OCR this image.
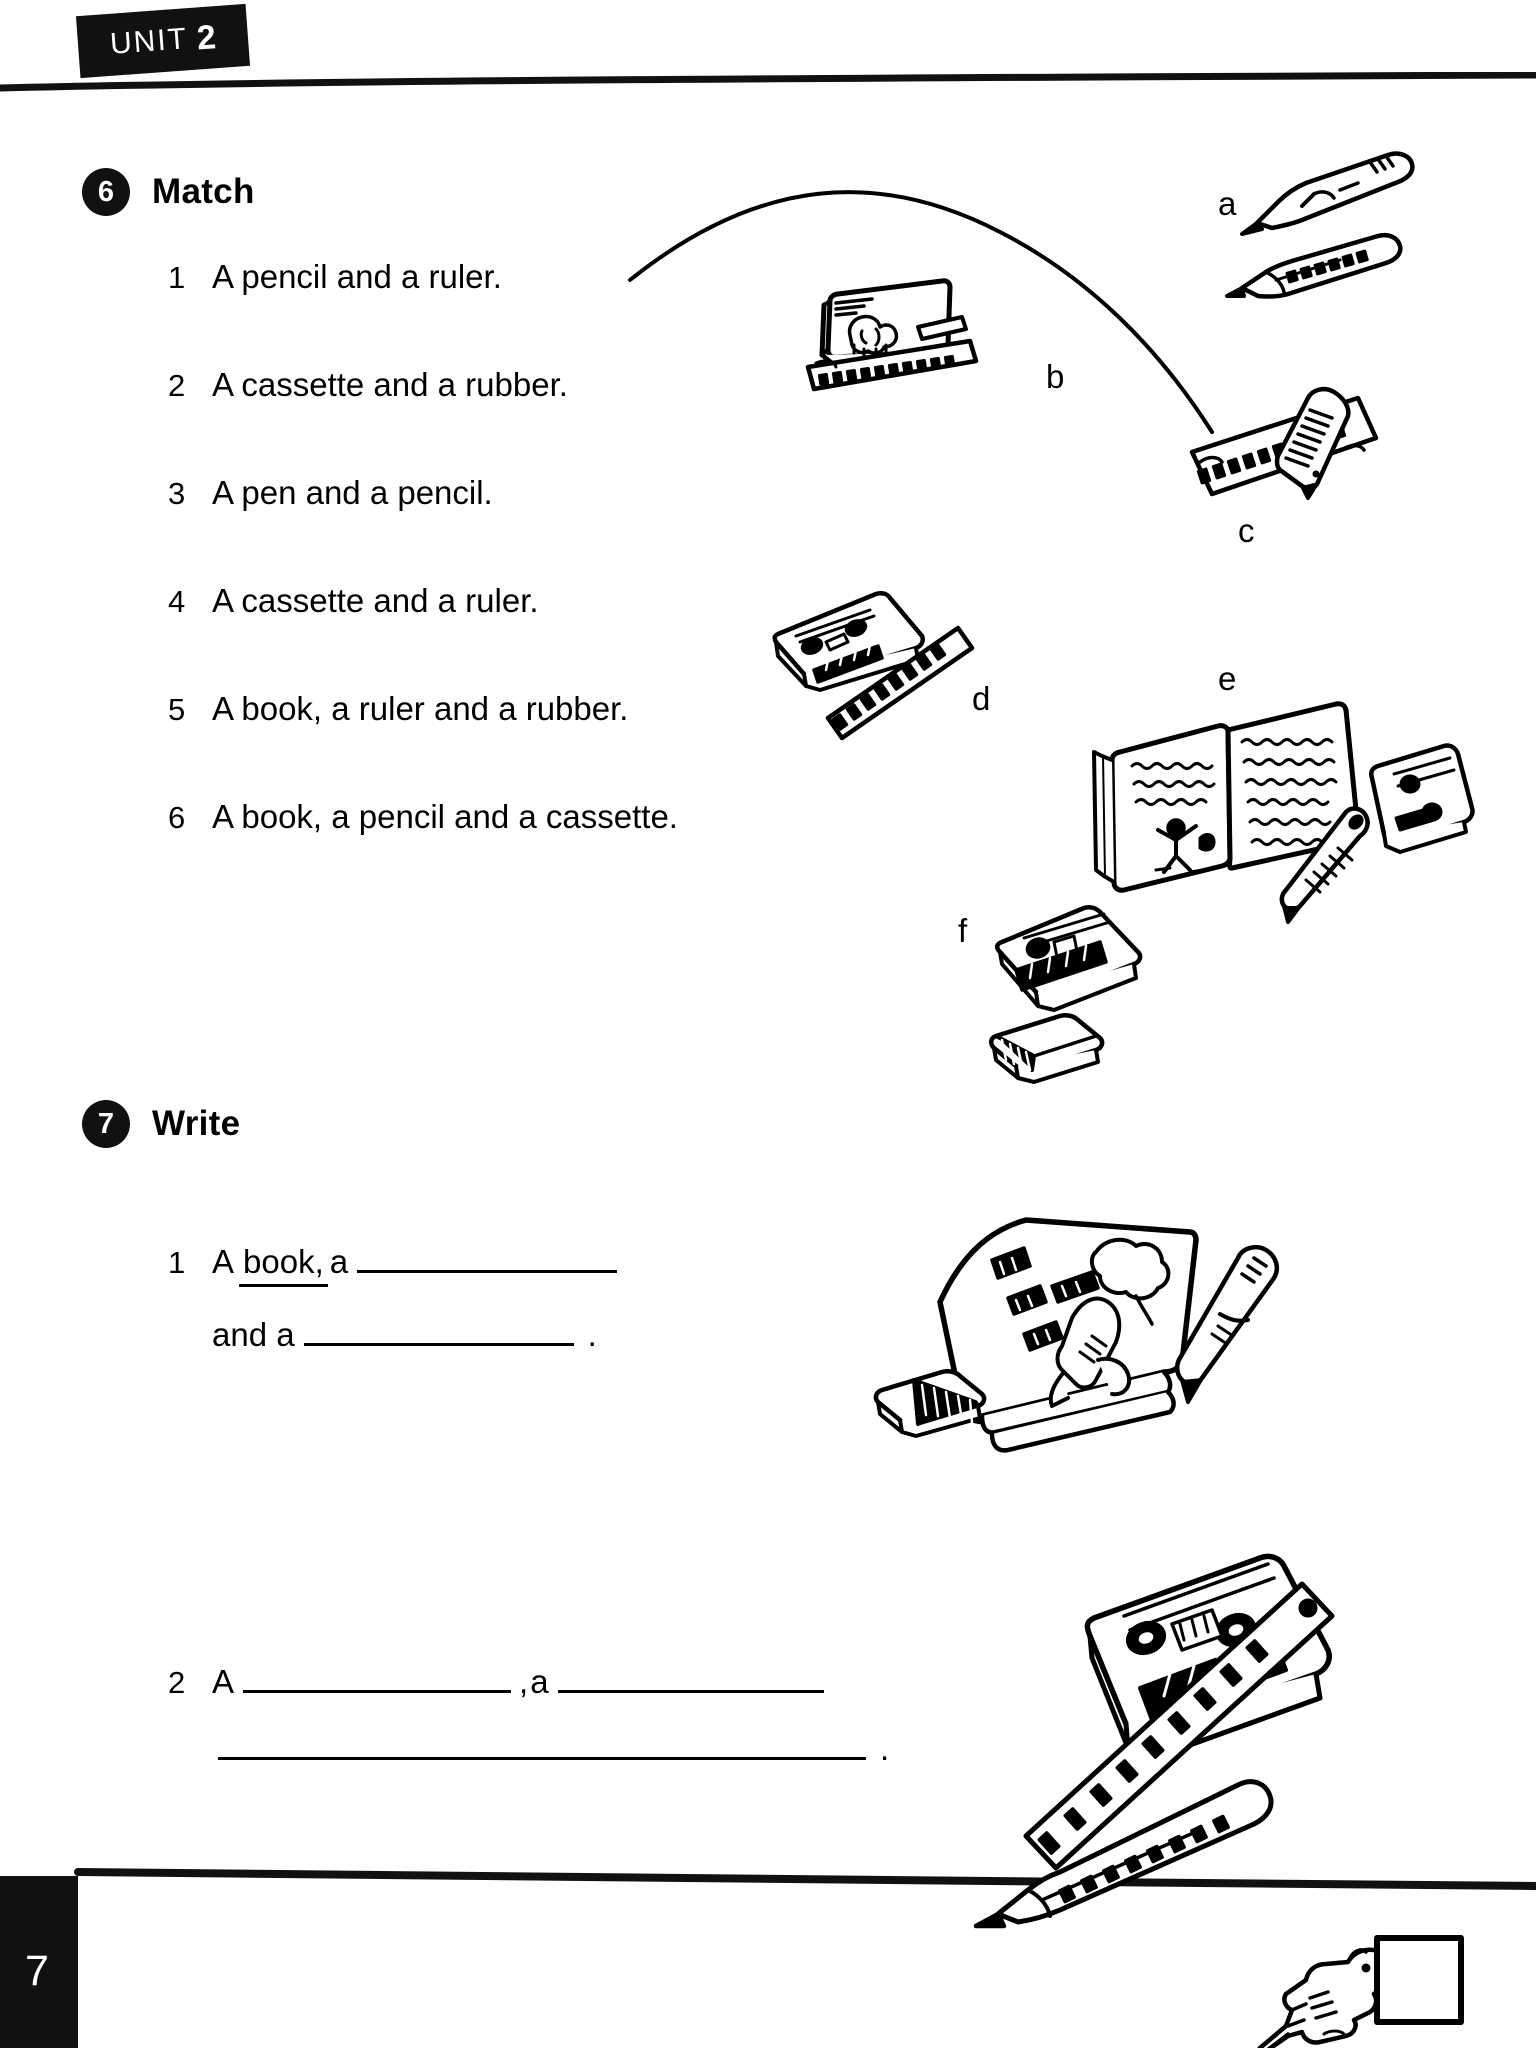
UNIT 2
6	Match
1 A pencil and a ruler.
2 A cassette and a rubber.
3 A pen and a pencil.
4 A cassette and a ruler.
5 A book, a ruler and a rubber.
6 A book, a pencil and a cassette.
a
b
c
d
e
f
7	Write
1 A book, a
and a	.
2 A	, a
.
7
